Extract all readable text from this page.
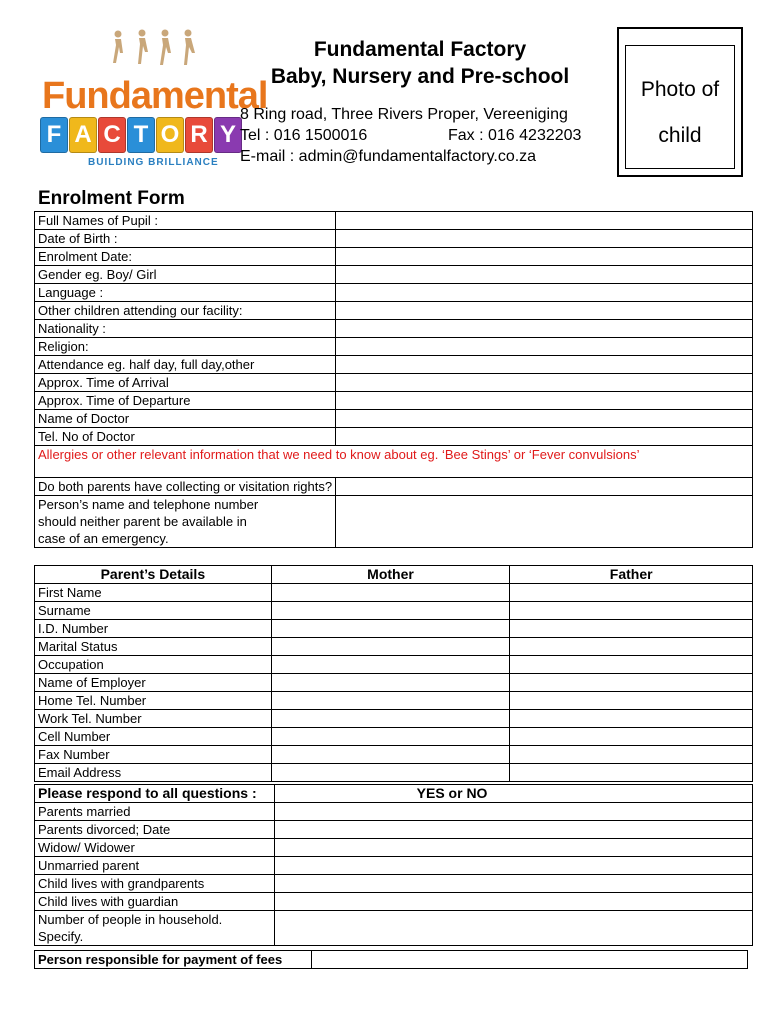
Fundamental
F A C T O R Y
BUILDING BRILLIANCE
Fundamental Factory
Baby, Nursery and Pre-school
8 Ring road, Three Rivers Proper, Vereeniging
Tel : 016 1500016	Fax : 016 4232203
E-mail : admin@fundamentalfactory.co.za
Photo of
child
Enrolment Form
Full Names of Pupil :	
Date of Birth :	
Enrolment Date:	
Gender eg. Boy/ Girl	
Language :	
Other children attending our facility:	
Nationality :	
Religion:	
Attendance eg. half day, full day,other	
Approx. Time of Arrival	
Approx. Time of Departure	
Name of Doctor	
Tel. No of Doctor	
Allergies or other relevant information that we need to know about eg. ‘Bee Stings’ or ‘Fever convulsions’	

Do both parents have collecting or visitation rights?	

Person’s name and telephone number
should neither parent be available in
case of an emergency.	

Parent’s Details	Mother	Father
First Name		
Surname		
I.D. Number		
Marital Status		
Occupation		
Name of Employer		
Home Tel. Number		
Work Tel. Number		
Cell Number		
Fax Number		
Email Address		
Please respond to all questions :	YES or NO
Parents married	
Parents divorced; Date	
Widow/ Widower	
Unmarried parent	
Child lives with grandparents	
Child lives with guardian	

Number of people in household.
Specify.	

Person responsible for payment of fees	
